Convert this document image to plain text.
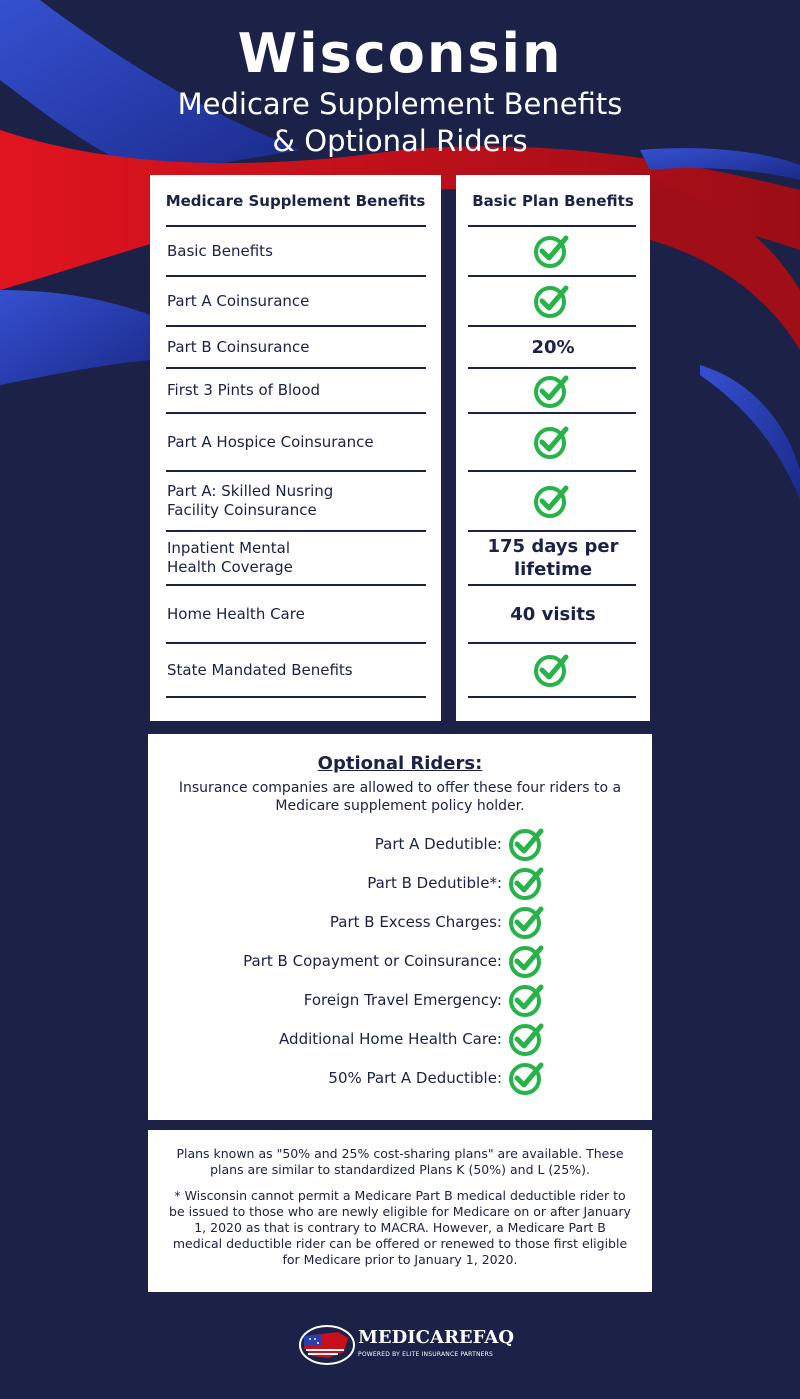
Wisconsin
Medicare Supplement Benefits
& Optional Riders
Medicare Supplement Benefits
Basic Benefits
Part A Coinsurance
Part B Coinsurance
First 3 Pints of Blood
Part A Hospice Coinsurance
Part A: Skilled Nusring
Facility Coinsurance
Inpatient Mental
Health Coverage
Home Health Care
State Mandated Benefits
Basic Plan Benefits
20%
175 days per
lifetime
40 visits
Optional Riders:
Insurance companies are allowed to offer these four riders to a Medicare supplement policy holder.
Part A Dedutible:
Part B Dedutible*:
Part B Excess Charges:
Part B Copayment or Coinsurance:
Foreign Travel Emergency:
Additional Home Health Care:
50% Part A Deductible:
Plans known as "50% and 25% cost-sharing plans" are available. These plans are similar to standardized Plans K (50%) and L (25%).
* Wisconsin cannot permit a Medicare Part B medical deductible rider to be issued to those who are newly eligible for Medicare on or after January 1, 2020 as that is contrary to MACRA. However, a Medicare Part B medical deductible rider can be offered or renewed to those first eligible for Medicare prior to January 1, 2020.
MEDICAREFAQ
POWERED BY ELITE INSURANCE PARTNERS
